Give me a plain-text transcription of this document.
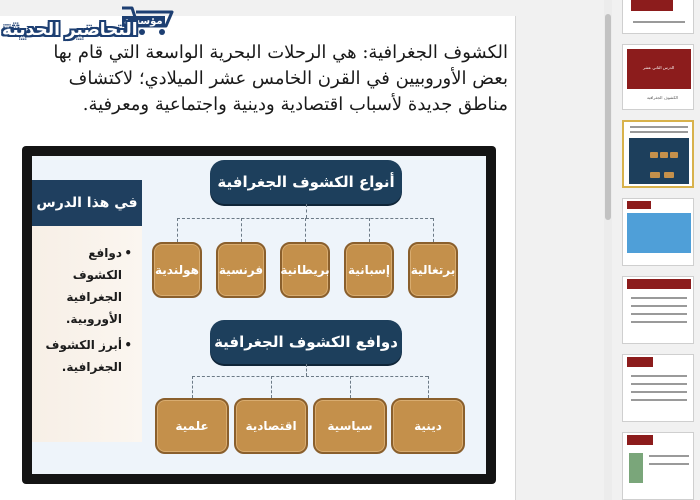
الكشوف الجغرافية: هي الرحلات البحرية الواسعة التي قام بها بعض الأوروبيين في القرن الخامس عشر الميلادي؛ لاكتشاف مناطق جديدة لأسباب اقتصادية ودينية واجتماعية ومعرفية.
في هذا الدرس
• دوافع الكشوف الجغرافية الأوروبية.
• أبرز الكشوف الجغرافية.
أنواع الكشوف الجغرافية
برتغالية
إسبانية
بريطانية
فرنسية
هولندية
دوافع الكشوف الجغرافية
دينية
سياسية
اقتصادية
علمية
مؤسسة
التحاضير الحديثة
الدرس الثاني عشر
الكشوف الجغرافية
